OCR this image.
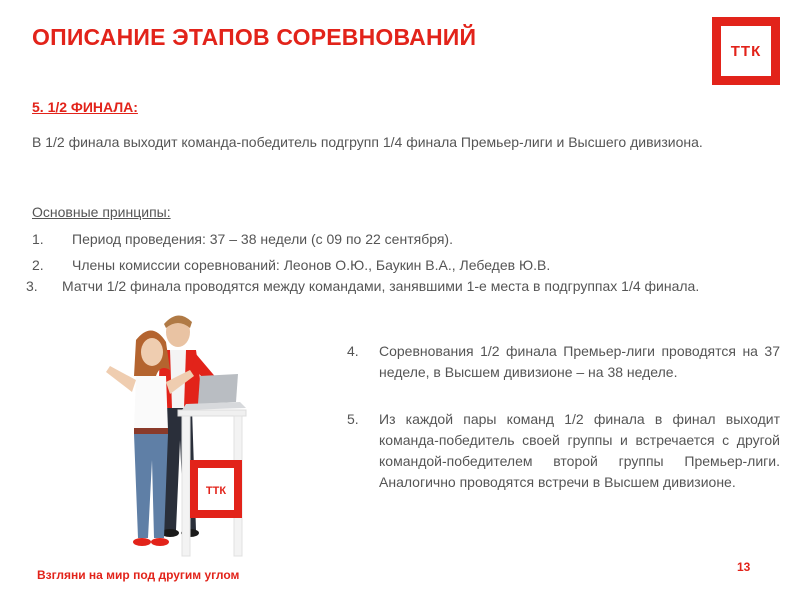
ОПИСАНИЕ ЭТАПОВ СОРЕВНОВАНИЙ
ТТК
5. 1/2 ФИНАЛА:

В 1/2 финала выходит команда-победитель подгрупп 1/4 финала Премьер-лиги и Высшего дивизиона.

Основные принципы:

1. Период проведения: 37 – 38 недели (с 09 по 22 сентября).
2. Члены комиссии соревнований: Леонов О.Ю., Баукин В.А., Лебедев Ю.В.
3. Матчи 1/2 финала проводятся между командами, занявшими 1-е места в подгруппах 1/4 финала.
4. Соревнования 1/2 финала Премьер-лиги проводятся на 37 неделе, в Высшем дивизионе – на 38 неделе.
5. Из каждой пары команд 1/2 финала в финал выходит команда-победитель своей группы и встречается с другой командой-победителем второй группы Премьер-лиги. Аналогично проводятся встречи в Высшем дивизионе.
ТТК
Взгляни на мир под другим углом
13
